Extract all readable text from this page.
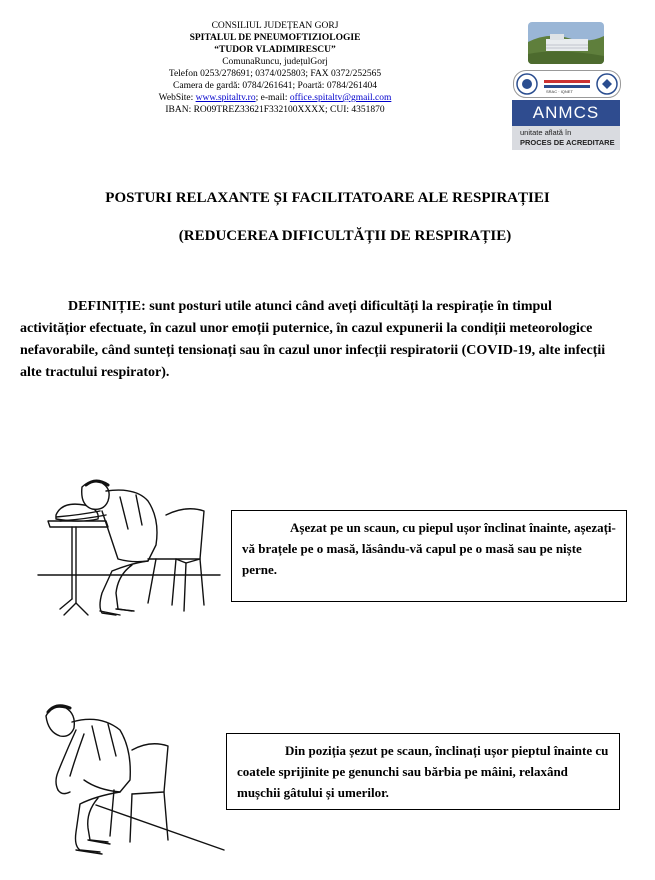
CONSILIUL JUDEȚEAN GORJ
SPITALUL DE PNEUMOFTIZIOLOGIE
“TUDOR VLADIMIRESCU”
ComunaRuncu, județulGorj
Telefon 0253/278691; 0374/025803; FAX 0372/252565
Camera de gardă: 0784/261641; Poartă: 0784/261404
WebSite: www.spitaltv.ro; e-mail: office.spitaltv@gmail.com
IBAN: RO09TREZ33621F332100XXXX; CUI: 4351870
SRAC · IQNET
ANMCS
unitate aflată în
PROCES DE ACREDITARE
POSTURI RELAXANTE ȘI FACILITATOARE ALE RESPIRAȚIEI
(REDUCEREA DIFICULTĂȚII DE RESPIRAȚIE)
DEFINIȚIE: sunt posturi utile atunci când aveți dificultăți la respirație în timpul activitățior efectuate, în cazul unor emoții puternice, în cazul expunerii la condiții meteorologice nefavorabile, când sunteți tensionați sau în cazul unor infecții respiratorii (COVID-19, alte infecții alte tractului respirator).
Așezat pe un scaun, cu piepul ușor înclinat înainte, așezați-vă brațele pe o masă, lăsându-vă capul pe o masă sau pe niște perne.
Din poziția șezut pe scaun, înclinați ușor pieptul înainte cu coatele sprijinite pe genunchi sau bărbia pe mâini, relaxând mușchii gâtului și umerilor.
